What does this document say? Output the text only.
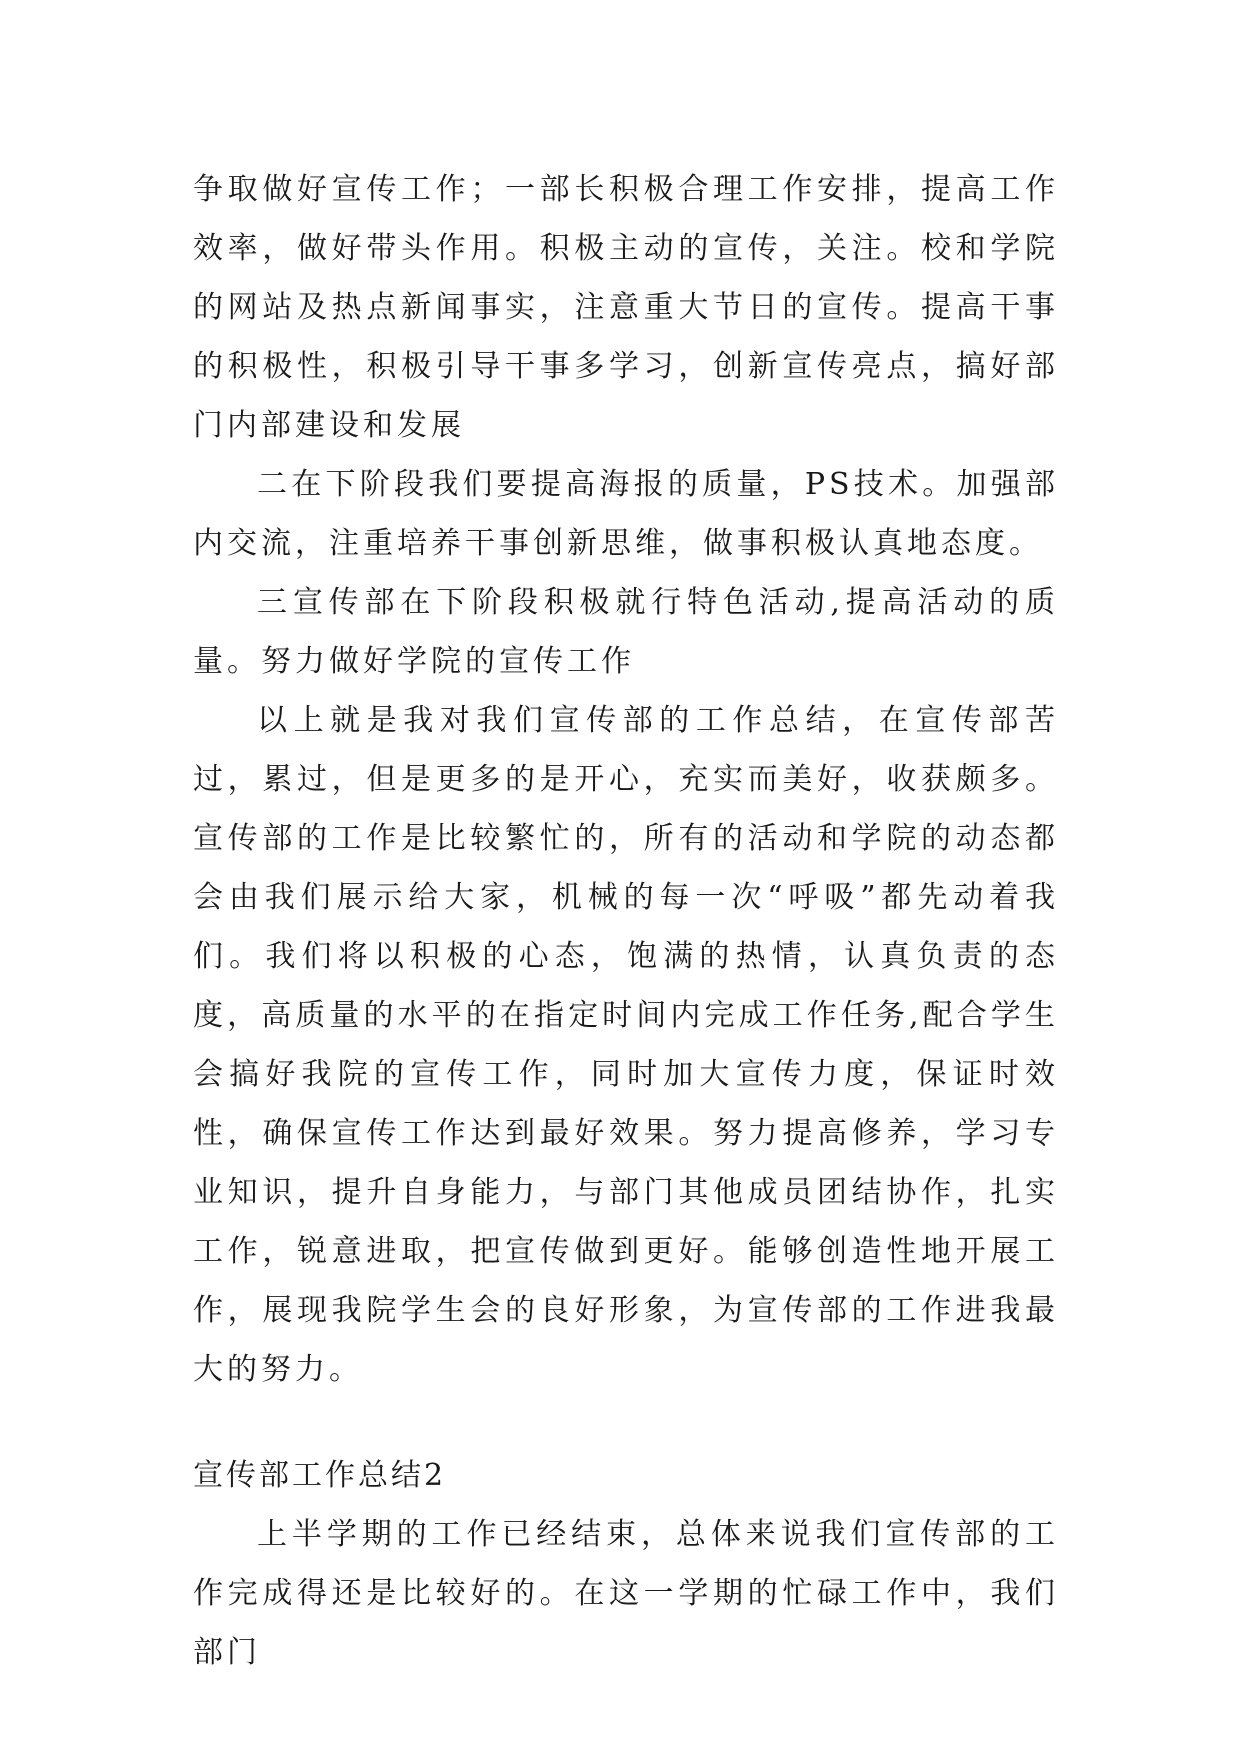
争取做好宣传工作；一部长积极合理工作安排，提高工作效率，做好带头作用。积极主动的宣传，关注。校和学院的网站及热点新闻事实，注意重大节日的宣传。提高干事的积极性，积极引导干事多学习，创新宣传亮点，搞好部门内部建设和发展

二在下阶段我们要提高海报的质量，PS技术。加强部内交流，注重培养干事创新思维，做事积极认真地态度。

三宣传部在下阶段积极就行特色活动,提高活动的质量。努力做好学院的宣传工作

以上就是我对我们宣传部的工作总结，在宣传部苦过，累过，但是更多的是开心，充实而美好，收获颇多。宣传部的工作是比较繁忙的，所有的活动和学院的动态都会由我们展示给大家，机械的每一次“呼吸”都先动着我们。我们将以积极的心态，饱满的热情，认真负责的态度，高质量的水平的在指定时间内完成工作任务,配合学生会搞好我院的宣传工作，同时加大宣传力度，保证时效性，确保宣传工作达到最好效果。努力提高修养，学习专业知识，提升自身能力，与部门其他成员团结协作，扎实工作，锐意进取，把宣传做到更好。能够创造性地开展工作，展现我院学生会的良好形象，为宣传部的工作进我最大的努力。

宣传部工作总结2

上半学期的工作已经结束，总体来说我们宣传部的工作完成得还是比较好的。在这一学期的忙碌工作中，我们部门
